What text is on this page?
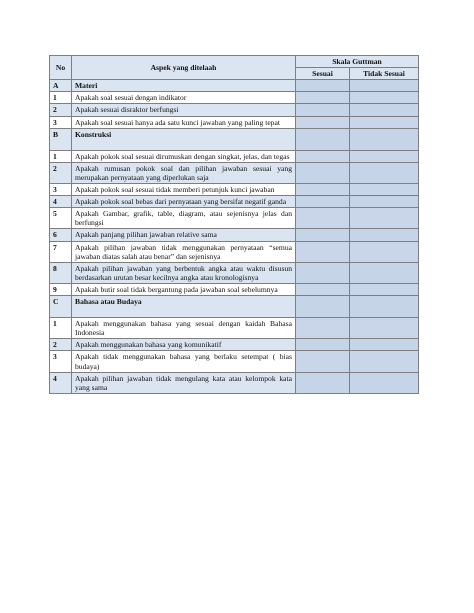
No	Aspek yang ditelaah	Skala Guttman	
		Sesuai	Tidak Sesuai
A	Materi		
1	Apakah soal sesuai dengan indikator		
2	Apakah sesuai disraktor berfungsi		
3	Apakah soal sesuai hanya ada satu kunci jawaban yang paling tepat		
B	Konstruksi		
1	Apakah pokok soal sesuai dirumuskan dengan singkat, jelas, dan tegas		
2	Apakah rumusan pokok soal dan pilihan jawaban sesuai yang merupakan pernyataan yang diperlukan saja		
3	Apakah pokok soal sesuai tidak memberi petunjuk kunci jawaban		
4	Apakah pokok soal bebas dari pernyataan yang bersifat negatif ganda		
5	Apakah Gambar, grafik, table, diagram, atau sejenisnya jelas dan berfungsi		
6	Apakah panjang pilihan jawaban relative sama		
7	Apakah pilihan jawaban tidak menggunakan pernyataan “semua jawaban diatas salah atau benar” dan sejenisnya		
8	Apakah pilihan jawaban yang berbentuk angka atau waktu disusun berdasarkan urutan besar kecilnya angka atau kronologisnya		
9	Apakah butir soal tidak bergantung pada jawaban soal sebelumnya		
C	Bahasa atau Budaya		
1	Apakah menggunakan bahasa yang sesuai dengan kaidah Bahasa Indonesia		
2	Apakah menggunakan bahasa yang komunikatif		
3	Apakah tidak menggunakan bahasa yang berlaku setempat ( bias budaya)		
4	Apakah pilihan jawaban tidak mengulang kata atau kelompok kata yang sama		
